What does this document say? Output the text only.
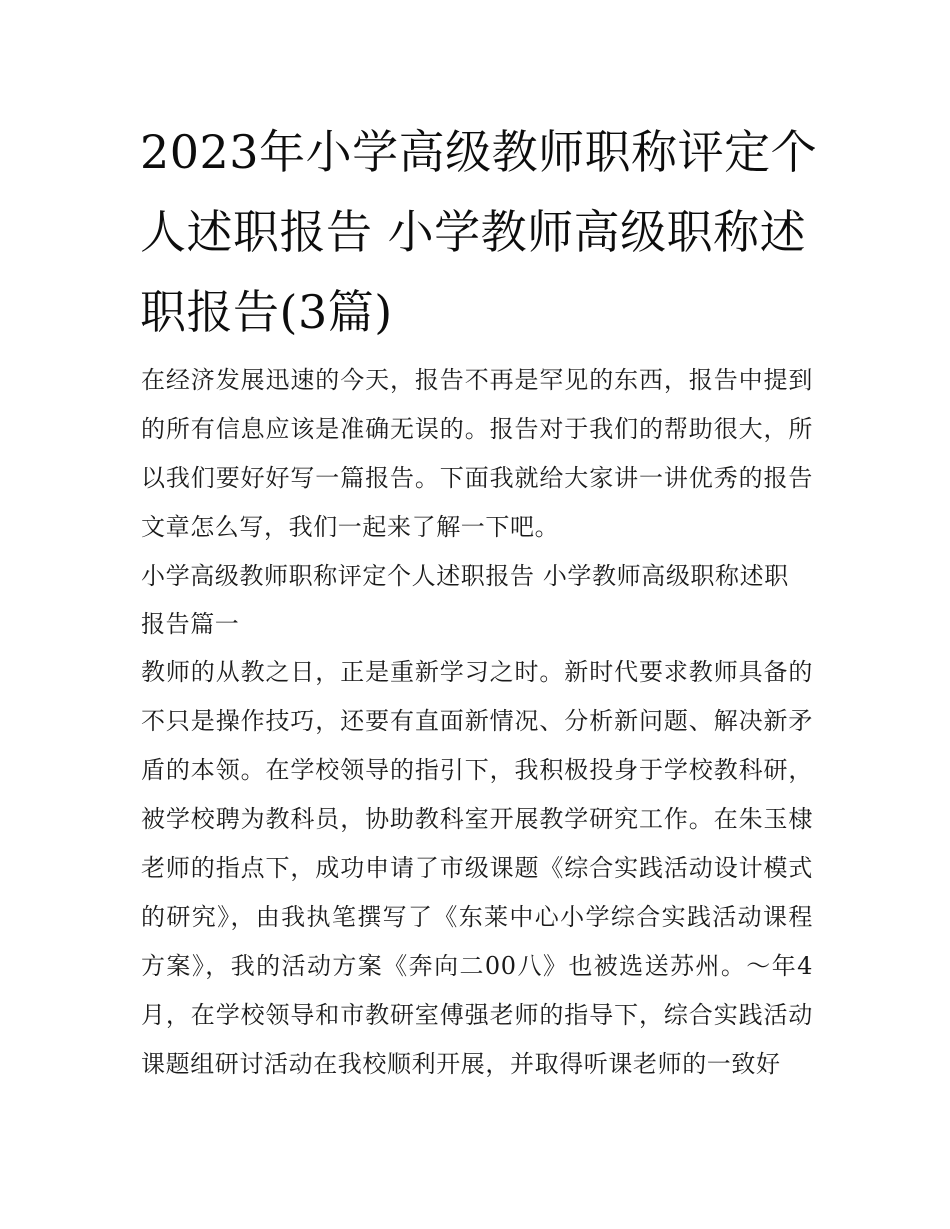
2023年小学高级教师职称评定个人述职报告 小学教师高级职称述职报告(3篇)

在经济发展迅速的今天，报告不再是罕见的东西，报告中提到的所有信息应该是准确无误的。报告对于我们的帮助很大，所以我们要好好写一篇报告。下面我就给大家讲一讲优秀的报告文章怎么写，我们一起来了解一下吧。

小学高级教师职称评定个人述职报告 小学教师高级职称述职报告篇一

教师的从教之日，正是重新学习之时。新时代要求教师具备的不只是操作技巧，还要有直面新情况、分析新问题、解决新矛盾的本领。在学校领导的指引下，我积极投身于学校教科研，被学校聘为教科员，协助教科室开展教学研究工作。在朱玉棣老师的指点下，成功申请了市级课题《综合实践活动设计模式的研究》，由我执笔撰写了《东莱中心小学综合实践活动课程方案》，我的活动方案《奔向二00八》也被选送苏州。～年4月，在学校领导和市教研室傅强老师的指导下，综合实践活动课题组研讨活动在我校顺利开展，并取得听课老师的一致好
